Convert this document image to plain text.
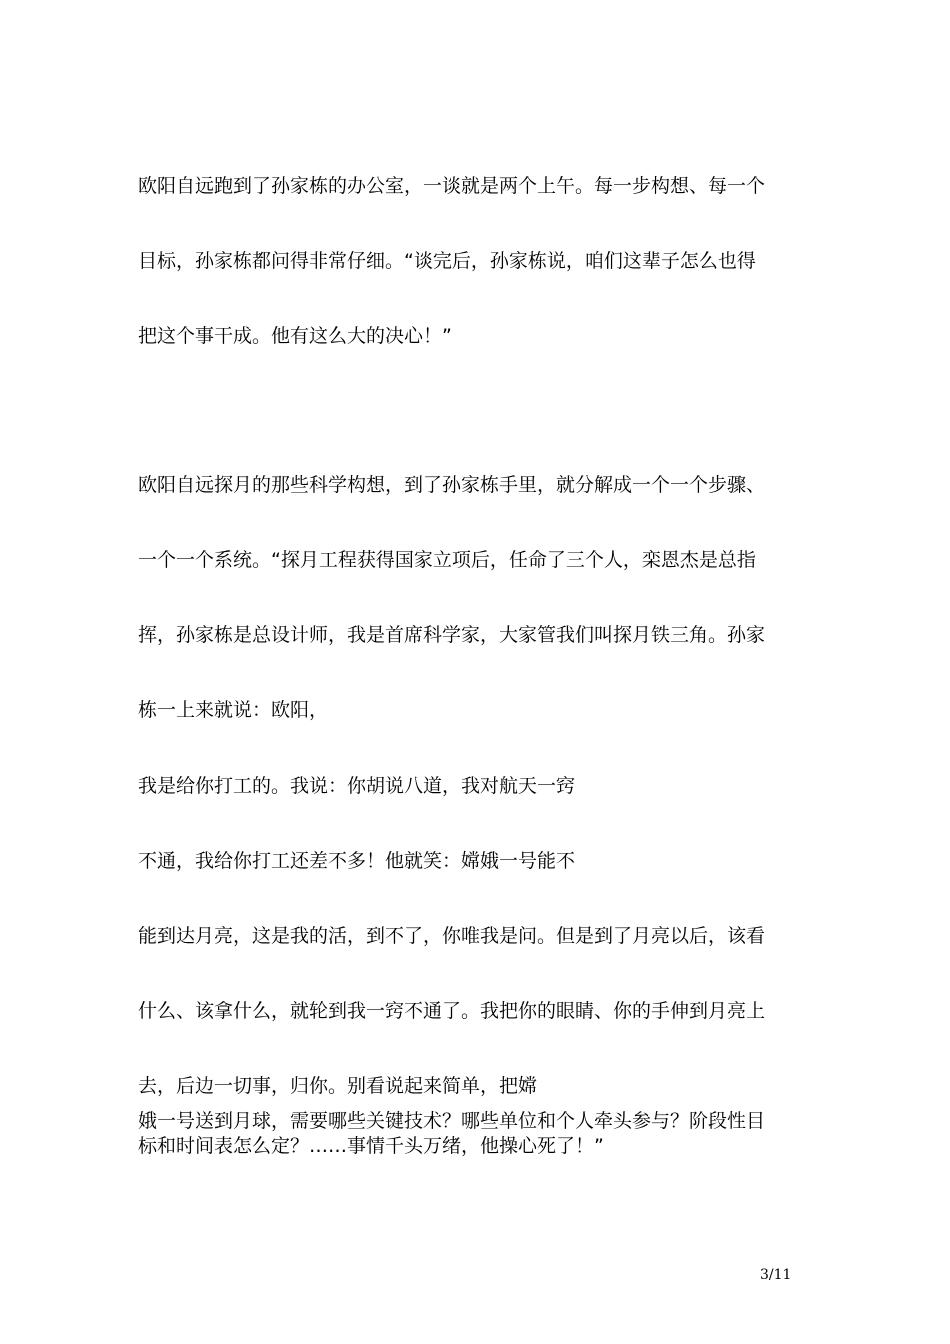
欧阳自远跑到了孙家栋的办公室，一谈就是两个上午。每一步构想、每一个

目标，孙家栋都问得非常仔细。“谈完后，孙家栋说，咱们这辈子怎么也得

把这个事干成。他有这么大的决心！”

欧阳自远探月的那些科学构想，到了孙家栋手里，就分解成一个一个步骤、

一个一个系统。“探月工程获得国家立项后，任命了三个人，栾恩杰是总指

挥，孙家栋是总设计师，我是首席科学家，大家管我们叫探月铁三角。孙家

栋一上来就说：欧阳，

我是给你打工的。我说：你胡说八道，我对航天一窍

不通，我给你打工还差不多！他就笑：嫦娥一号能不

能到达月亮，这是我的活，到不了，你唯我是问。但是到了月亮以后，该看

什么、该拿什么，就轮到我一窍不通了。我把你的眼睛、你的手伸到月亮上

去，后边一切事，归你。别看说起来简单，把嫦

娥一号送到月球，需要哪些关键技术？哪些单位和个人牵头参与？阶段性目

标和时间表怎么定？……事情千头万绪，他操心死了！”

3/11
